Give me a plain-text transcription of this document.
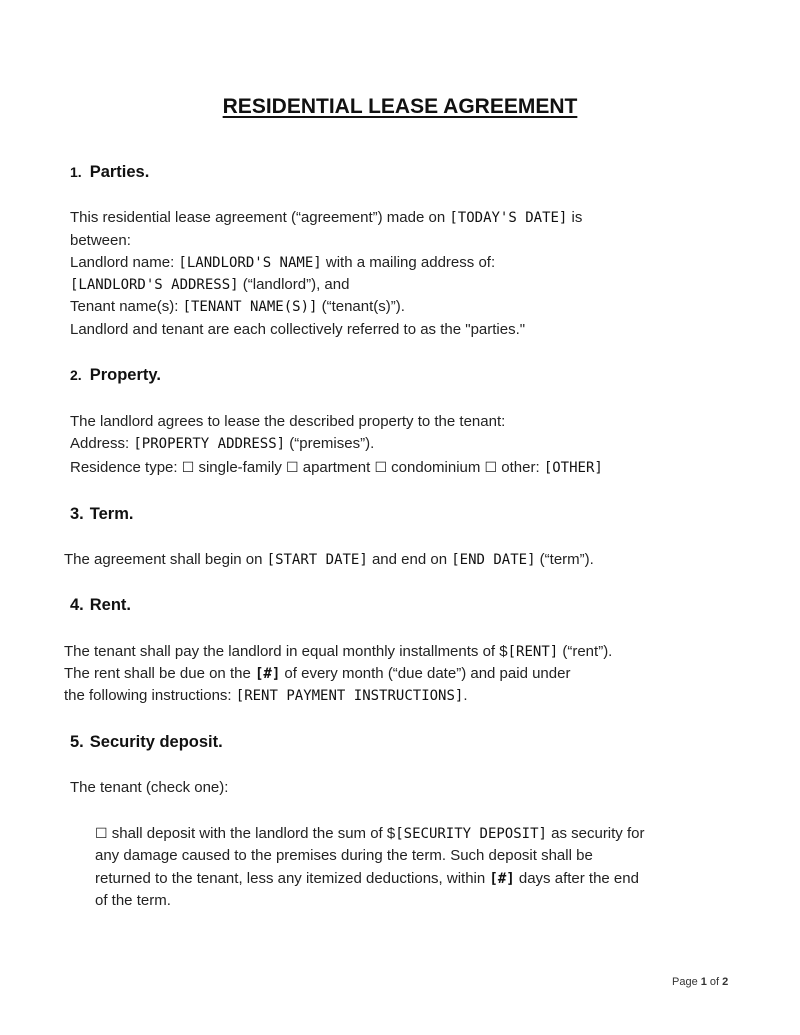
RESIDENTIAL LEASE AGREEMENT
1. Parties.
This residential lease agreement (“agreement”) made on [TODAY'S DATE] is
between:
Landlord name: [LANDLORD'S NAME] with a mailing address of:
[LANDLORD'S ADDRESS] (“landlord”), and
Tenant name(s): [TENANT NAME(S)] (“tenant(s)”).
Landlord and tenant are each collectively referred to as the "parties."
2. Property.
The landlord agrees to lease the described property to the tenant:
Address: [PROPERTY ADDRESS] (“premises”).
Residence type: ☐ single-family ☐ apartment ☐ condominium ☐ other: [OTHER]
3. Term.
The agreement shall begin on [START DATE] and end on [END DATE] (“term”).
4. Rent.
The tenant shall pay the landlord in equal monthly installments of $[RENT] (“rent”).
The rent shall be due on the [#] of every month (“due date”) and paid under
the following instructions: [RENT PAYMENT INSTRUCTIONS].
5. Security deposit.
The tenant (check one):
☐ shall deposit with the landlord the sum of $[SECURITY DEPOSIT] as security for
any damage caused to the premises during the term. Such deposit shall be
returned to the tenant, less any itemized deductions, within [#] days after the end
of the term.
Page 1 of 2
